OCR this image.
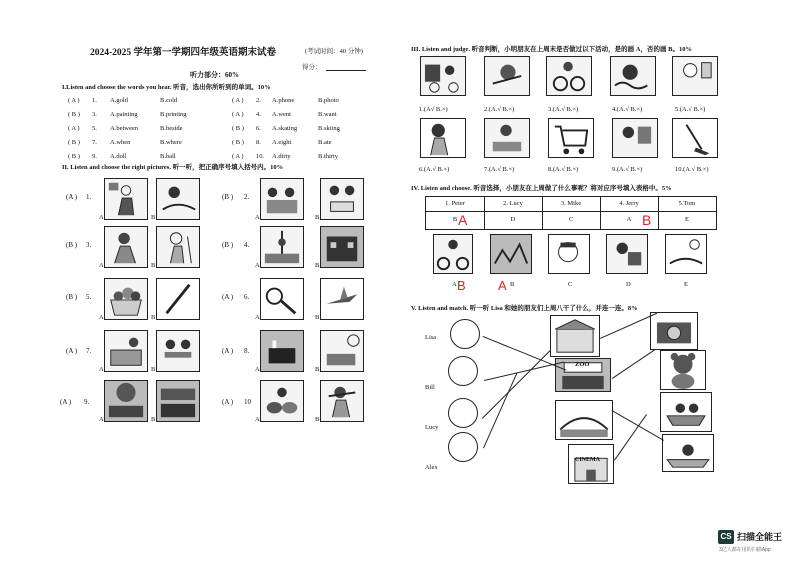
2024-2025 学年第一学期四年级英语期末试卷	(考试时间：40 分钟)
得分：
听力部分：60%
I.Listen and choose the words you hear. 听音，选出你所听到的单词。10%
( A ) 1. A.gold	B.cold
( B ) 3. A.painting	B.printing
( A ) 5. A.between	B.beside
( B ) 7. A.when	B.where
( B ) 9. A.doll	B.ball
( A ) 2. A.phone	B.photo
( A ) 4. A.went	B.want
( B ) 6. A.skating	B.skiing
( B ) 8. A.eight	B.ate
( A ) 10. A.dirty	B.thirty
II. Listen and choose the right pictures. 听一听，把正确序号填入括号内。10%
(A ) 1.
A	B
(B ) 3.
A	B
(B ) 5.
A	B
(A ) 7.
A	B
(A ) 9.
A	B
(B ) 2.
A	B
(B ) 4.
A	B
(A ) 6.
A	B
(A ) 8.
A	B
(A ) 10
A	B
III. Listen and judge. 听音判断，小明朋友在上周末是否做过以下活动，是的画 A，否的画 B。10%
1.(A√ B.×)	2.(A.√ B.×)	3.(A.√ B.×)	4.(A.√ B.×)	5.(A.√ B.×)
6.(A.√ B.×)	7.(A.√ B.×)	8.(A.√ B.×)	9.(A.√ B.×)	10.(A.√ B.×)
IV. Listen and choose. 听音选择，小朋友在上周做了什么事呢？将对应序号填入表格中。5%
1. Peter	2. Lucy	3. Mike	4. Jerry	5.Tom
B	D	C	A	E
A	B
A	B	C	D	E
B A
V. Listen and match. 听一听 Lisa 和她的朋友们上周八干了什么，并连一连。8%
Lisa
Bill
Lucy
Alex
ZOO
CINEMA
CS 扫描全能王
3亿人都在用的扫描App
